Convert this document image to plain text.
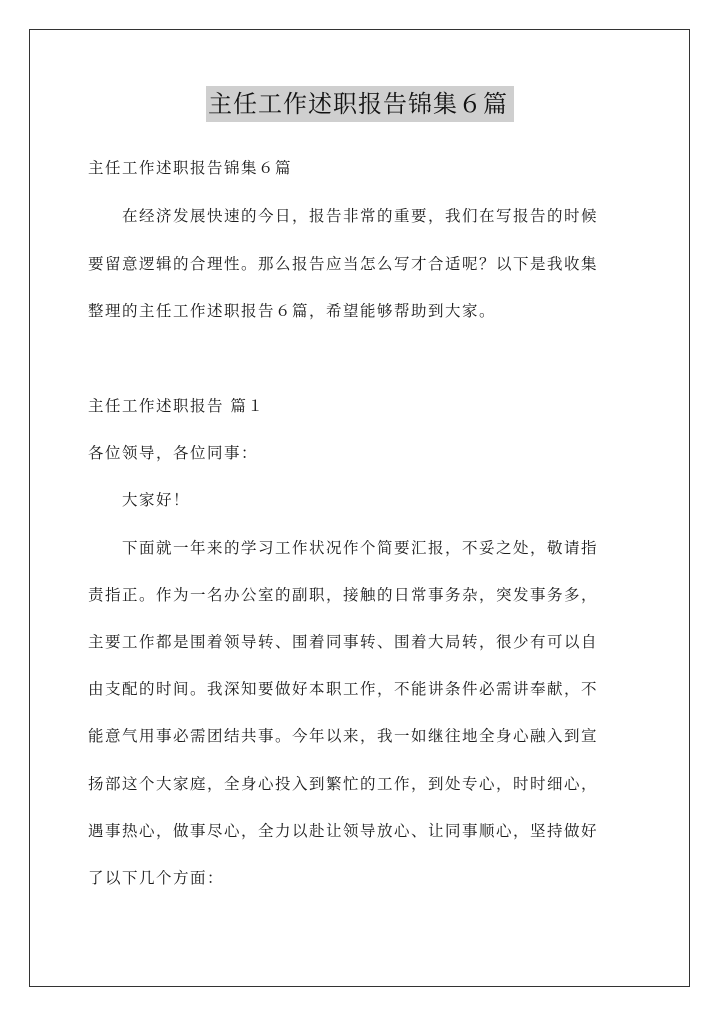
主任工作述职报告锦集６篇
主任工作述职报告锦集６篇
在经济发展快速的今日，报告非常的重要，我们在写报告的时候
要留意逻辑的合理性。那么报告应当怎么写才合适呢？以下是我收集
整理的主任工作述职报告６篇，希望能够帮助到大家。
主任工作述职报告 篇１
各位领导，各位同事：
大家好！
下面就一年来的学习工作状况作个简要汇报，不妥之处，敬请指
责指正。作为一名办公室的副职，接触的日常事务杂，突发事务多，
主要工作都是围着领导转、围着同事转、围着大局转，很少有可以自
由支配的时间。我深知要做好本职工作，不能讲条件必需讲奉献，不
能意气用事必需团结共事。今年以来，我一如继往地全身心融入到宣
扬部这个大家庭，全身心投入到繁忙的工作，到处专心，时时细心，
遇事热心，做事尽心，全力以赴让领导放心、让同事顺心，坚持做好
了以下几个方面：
